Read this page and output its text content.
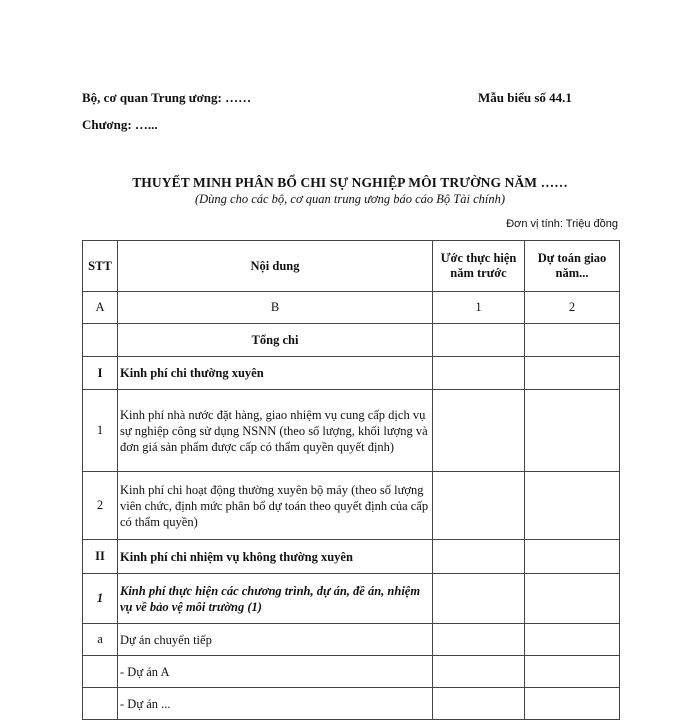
Bộ, cơ quan Trung ương: ……	Mẫu biểu số 44.1
Chương: …...
THUYẾT MINH PHÂN BỔ CHI SỰ NGHIỆP MÔI TRƯỜNG NĂM ……
(Dùng cho các bộ, cơ quan trung ương báo cáo Bộ Tài chính)
Đơn vị tính: Triệu đồng
STT	Nội dung	Ước thực hiện năm trước	Dự toán giao năm...
A	B	1	2
	Tổng chi		
I	Kinh phí chi thường xuyên		
1	Kinh phí nhà nước đặt hàng, giao nhiệm vụ cung cấp dịch vụ sự nghiệp công sử dụng NSNN (theo số lượng, khối lượng và đơn giá sản phẩm được cấp có thẩm quyền quyết định)		
2	Kinh phí chi hoạt động thường xuyên bộ máy (theo số lượng viên chức, định mức phân bổ dự toán theo quyết định của cấp có thẩm quyền)		
II	Kinh phí chi nhiệm vụ không thường xuyên		
1	Kinh phí thực hiện các chương trình, dự án, đề án, nhiệm vụ về bảo vệ môi trường (1)		
a	Dự án chuyển tiếp		
	- Dự án A		
	- Dự án ...		
